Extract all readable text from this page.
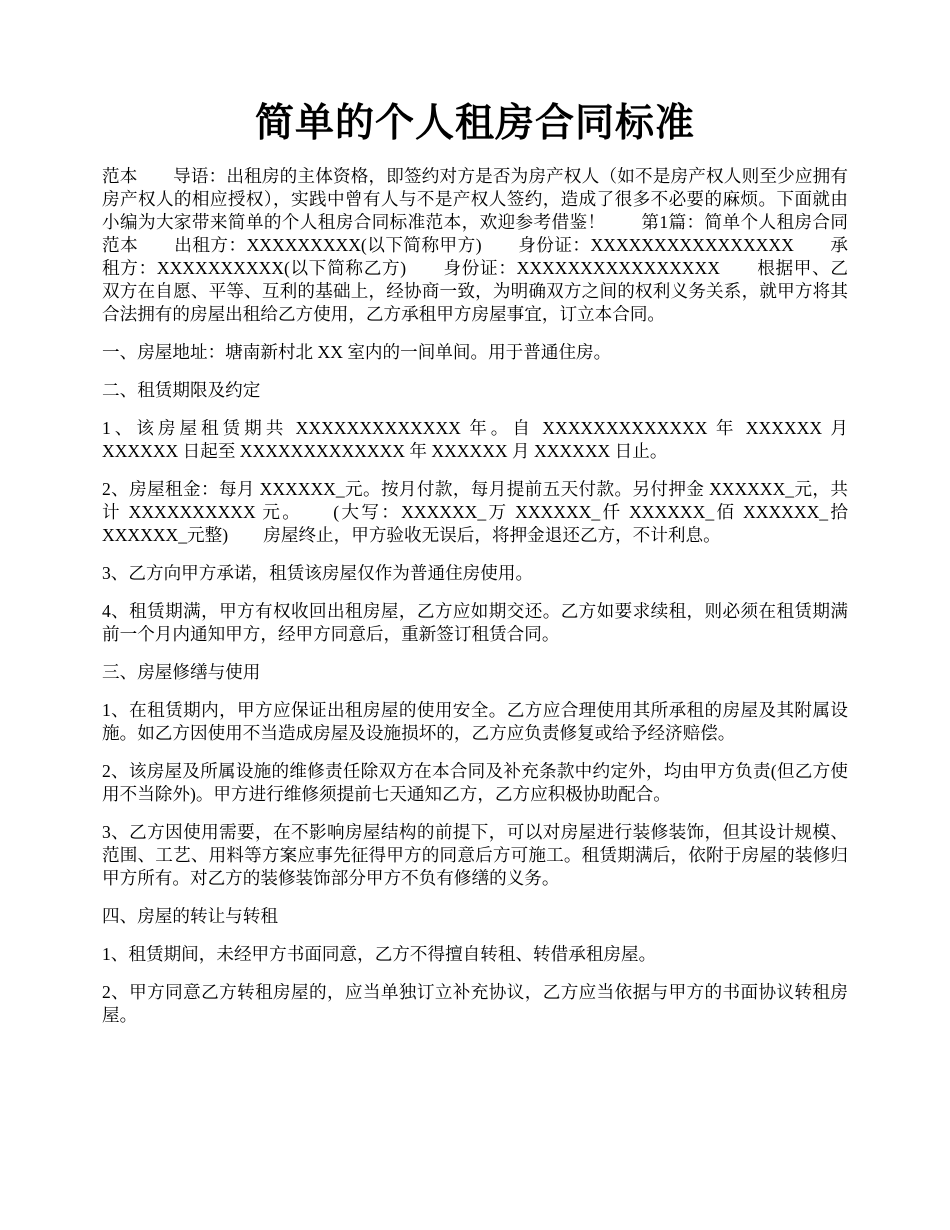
简单的个人租房合同标准

范本　　导语：出租房的主体资格，即签约对方是否为房产权人（如不是房产权人则至少应拥有房产权人的相应授权），实践中曾有人与不是产权人签约，造成了很多不必要的麻烦。下面就由小编为大家带来简单的个人租房合同标准范本，欢迎参考借鉴！　　第1篇：简单个人租房合同范本　　出租方：XXXXXXXXX(以下简称甲方)　　身份证：XXXXXXXXXXXXXXXX　　承租方：XXXXXXXXXX(以下简称乙方)　　身份证：XXXXXXXXXXXXXXXX　　根据甲、乙双方在自愿、平等、互利的基础上，经协商一致，为明确双方之间的权利义务关系，就甲方将其合法拥有的房屋出租给乙方使用，乙方承租甲方房屋事宜，订立本合同。

一、房屋地址：塘南新村北 XX 室内的一间单间。用于普通住房。

二、租赁期限及约定

1、该房屋租赁期共 XXXXXXXXXXXXX 年。自 XXXXXXXXXXXXX 年 XXXXXX 月 XXXXXX 日起至 XXXXXXXXXXXXX 年 XXXXXX 月 XXXXXX 日止。

2、房屋租金：每月 XXXXXX_元。按月付款，每月提前五天付款。另付押金 XXXXXX_元，共计 XXXXXXXXXX 元。　　(大写：XXXXXX_万 XXXXXX_仟 XXXXXX_佰 XXXXXX_拾 XXXXXX_元整)　　房屋终止，甲方验收无误后，将押金退还乙方，不计利息。

3、乙方向甲方承诺，租赁该房屋仅作为普通住房使用。

4、租赁期满，甲方有权收回出租房屋，乙方应如期交还。乙方如要求续租，则必须在租赁期满前一个月内通知甲方，经甲方同意后，重新签订租赁合同。

三、房屋修缮与使用

1、在租赁期内，甲方应保证出租房屋的使用安全。乙方应合理使用其所承租的房屋及其附属设施。如乙方因使用不当造成房屋及设施损坏的，乙方应负责修复或给予经济赔偿。

2、该房屋及所属设施的维修责任除双方在本合同及补充条款中约定外，均由甲方负责(但乙方使用不当除外)。甲方进行维修须提前七天通知乙方，乙方应积极协助配合。

3、乙方因使用需要，在不影响房屋结构的前提下，可以对房屋进行装修装饰，但其设计规模、范围、工艺、用料等方案应事先征得甲方的同意后方可施工。租赁期满后，依附于房屋的装修归甲方所有。对乙方的装修装饰部分甲方不负有修缮的义务。

四、房屋的转让与转租

1、租赁期间，未经甲方书面同意，乙方不得擅自转租、转借承租房屋。

2、甲方同意乙方转租房屋的，应当单独订立补充协议，乙方应当依据与甲方的书面协议转租房屋。
